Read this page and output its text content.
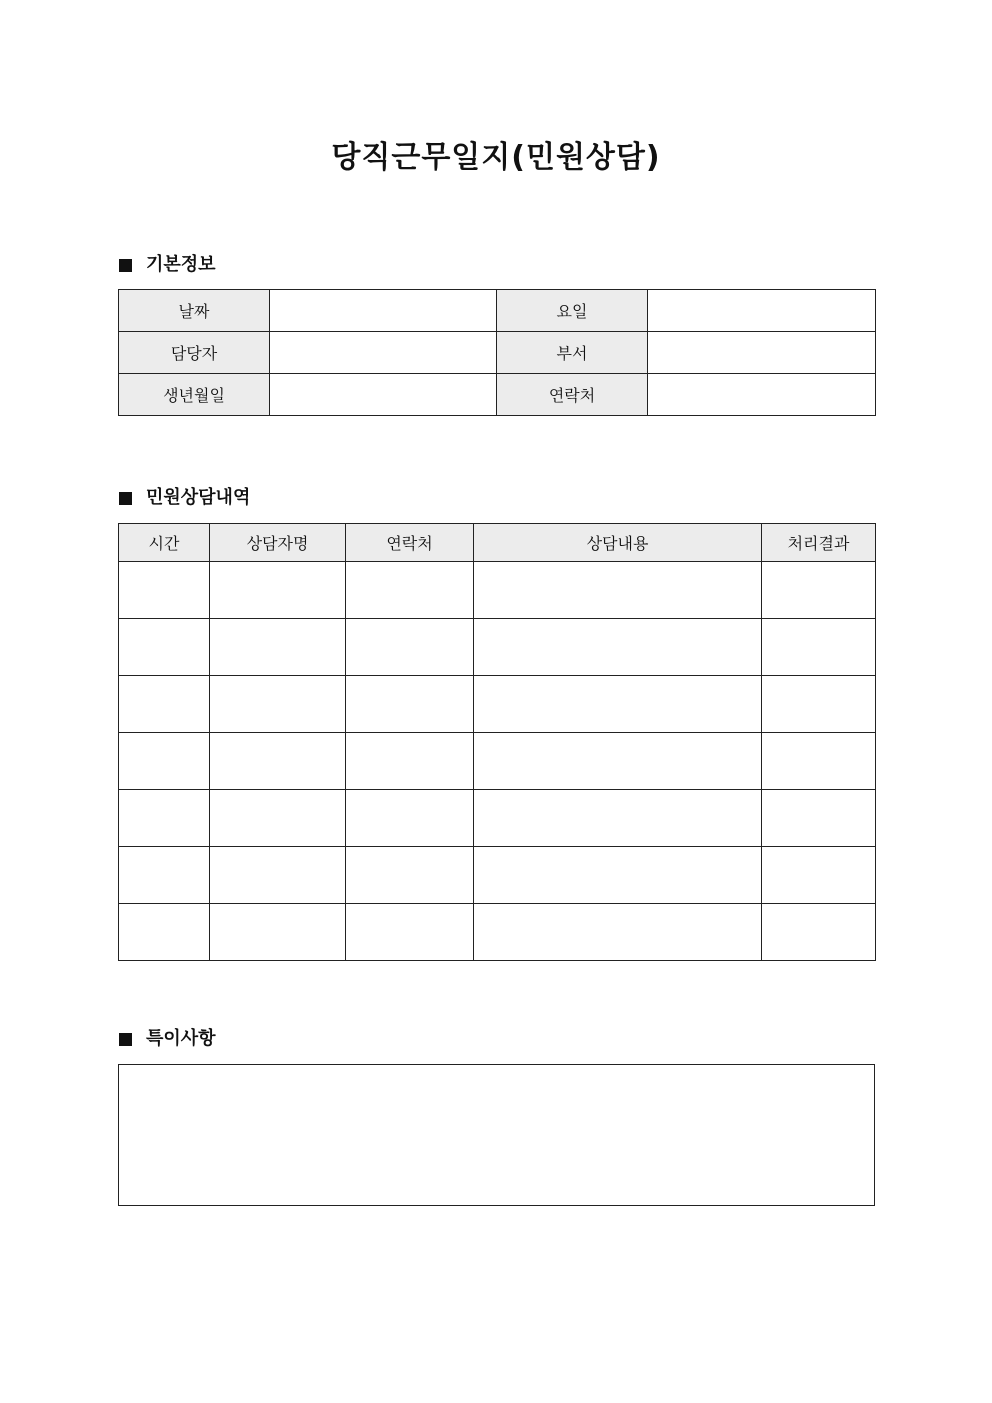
당직근무일지(민원상담)
기본정보
날짜		요일	
담당자		부서	
생년월일		연락처	
민원상담내역
시간	상담자명	연락처	상담내용	처리결과

특이사항
